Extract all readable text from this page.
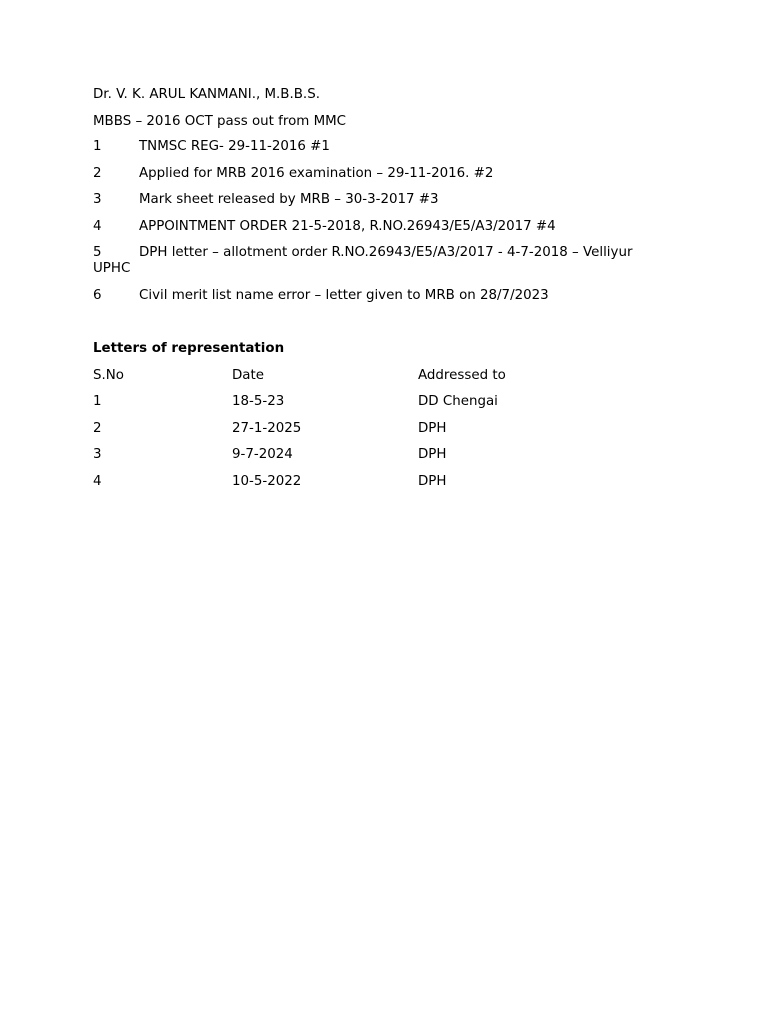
Dr. V. K. ARUL KANMANI., M.B.B.S.
MBBS – 2016 OCT pass out from MMC
1	TNMSC REG- 29-11-2016 #1
2	Applied for MRB 2016 examination – 29-11-2016. #2
3	Mark sheet released by MRB – 30-3-2017 #3
4	APPOINTMENT ORDER 21-5-2018, R.NO.26943/E5/A3/2017 #4
5	DPH letter – allotment order R.NO.26943/E5/A3/2017 - 4-7-2018 – Velliyur UPHC
6	Civil merit list name error – letter given to MRB on 28/7/2023
Letters of representation
S.No	Date	Addressed to
1	18-5-23	DD Chengai
2	27-1-2025	DPH
3	9-7-2024	DPH
4	10-5-2022	DPH
